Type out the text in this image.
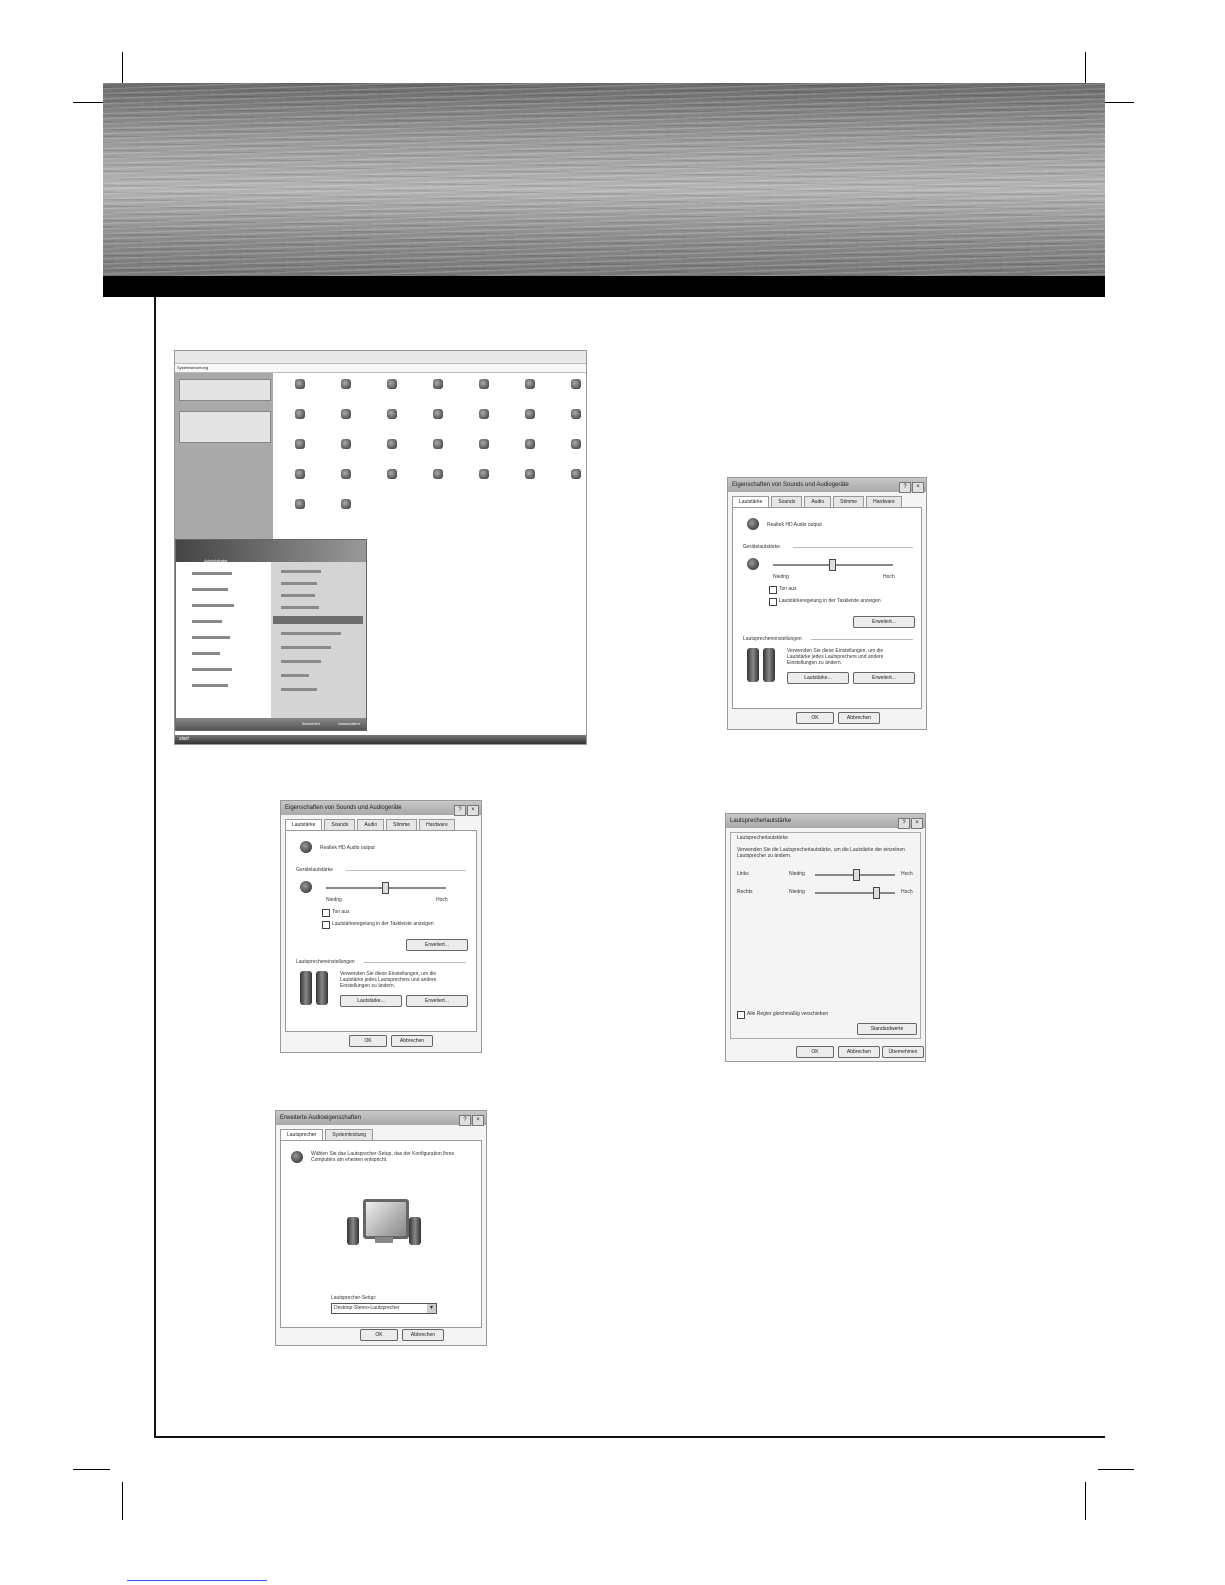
Systemsteuerung
$_{Administrator}$
Abmelden	Ausschalten
start
Eigenschaften von Sounds und Audiogeräte	? ×
Lautstärke	Sounds	Audio	Stimme	Hardware
Realtek HD Audio output
Gerätelautstärke
Niedrig	Hoch
Ton aus
Lautstärkeregelung in der Taskleiste anzeigen
Erweitert...
Lautsprechereinstellungen
Verwenden Sie diese Einstellungen, um die Lautstärke jedes Lautsprechers und andere Einstellungen zu ändern.
Lautstärke...	Erweitert...
OK	Abbrechen
Eigenschaften von Sounds und Audiogeräte	? ×
Lautstärke	Sounds	Audio	Stimme	Hardware
Realtek HD Audio output
Gerätelautstärke
Niedrig	Hoch
Ton aus
Lautstärkeregelung in der Taskleiste anzeigen
Erweitert...
Lautsprechereinstellungen
Verwenden Sie diese Einstellungen, um die Lautstärke jedes Lautsprechers und andere Einstellungen zu ändern.
Lautstärke...	Erweitert...
OK	Abbrechen
Lautsprecherlautstärke	? ×
Lautsprecherlautstärke
Verwenden Sie die Lautsprecherlautstärke, um die Lautstärke der einzelnen Lautsprecher zu ändern.
Links	Niedrig	Hoch
Rechts	Niedrig	Hoch
Alle Regler gleichmäßig verschieben
Standardwerte
OK	Abbrechen	Übernehmen
Erweiterte Audioeigenschaften	? ×
Lautsprecher	Systemleistung
Wählen Sie das Lautsprecher-Setup, das der Konfiguration Ihres Computers am ehesten entspricht.
Lautsprecher-Setup:
Desktop-Stereo-Lautsprecher	▾
OK	Abbrechen
